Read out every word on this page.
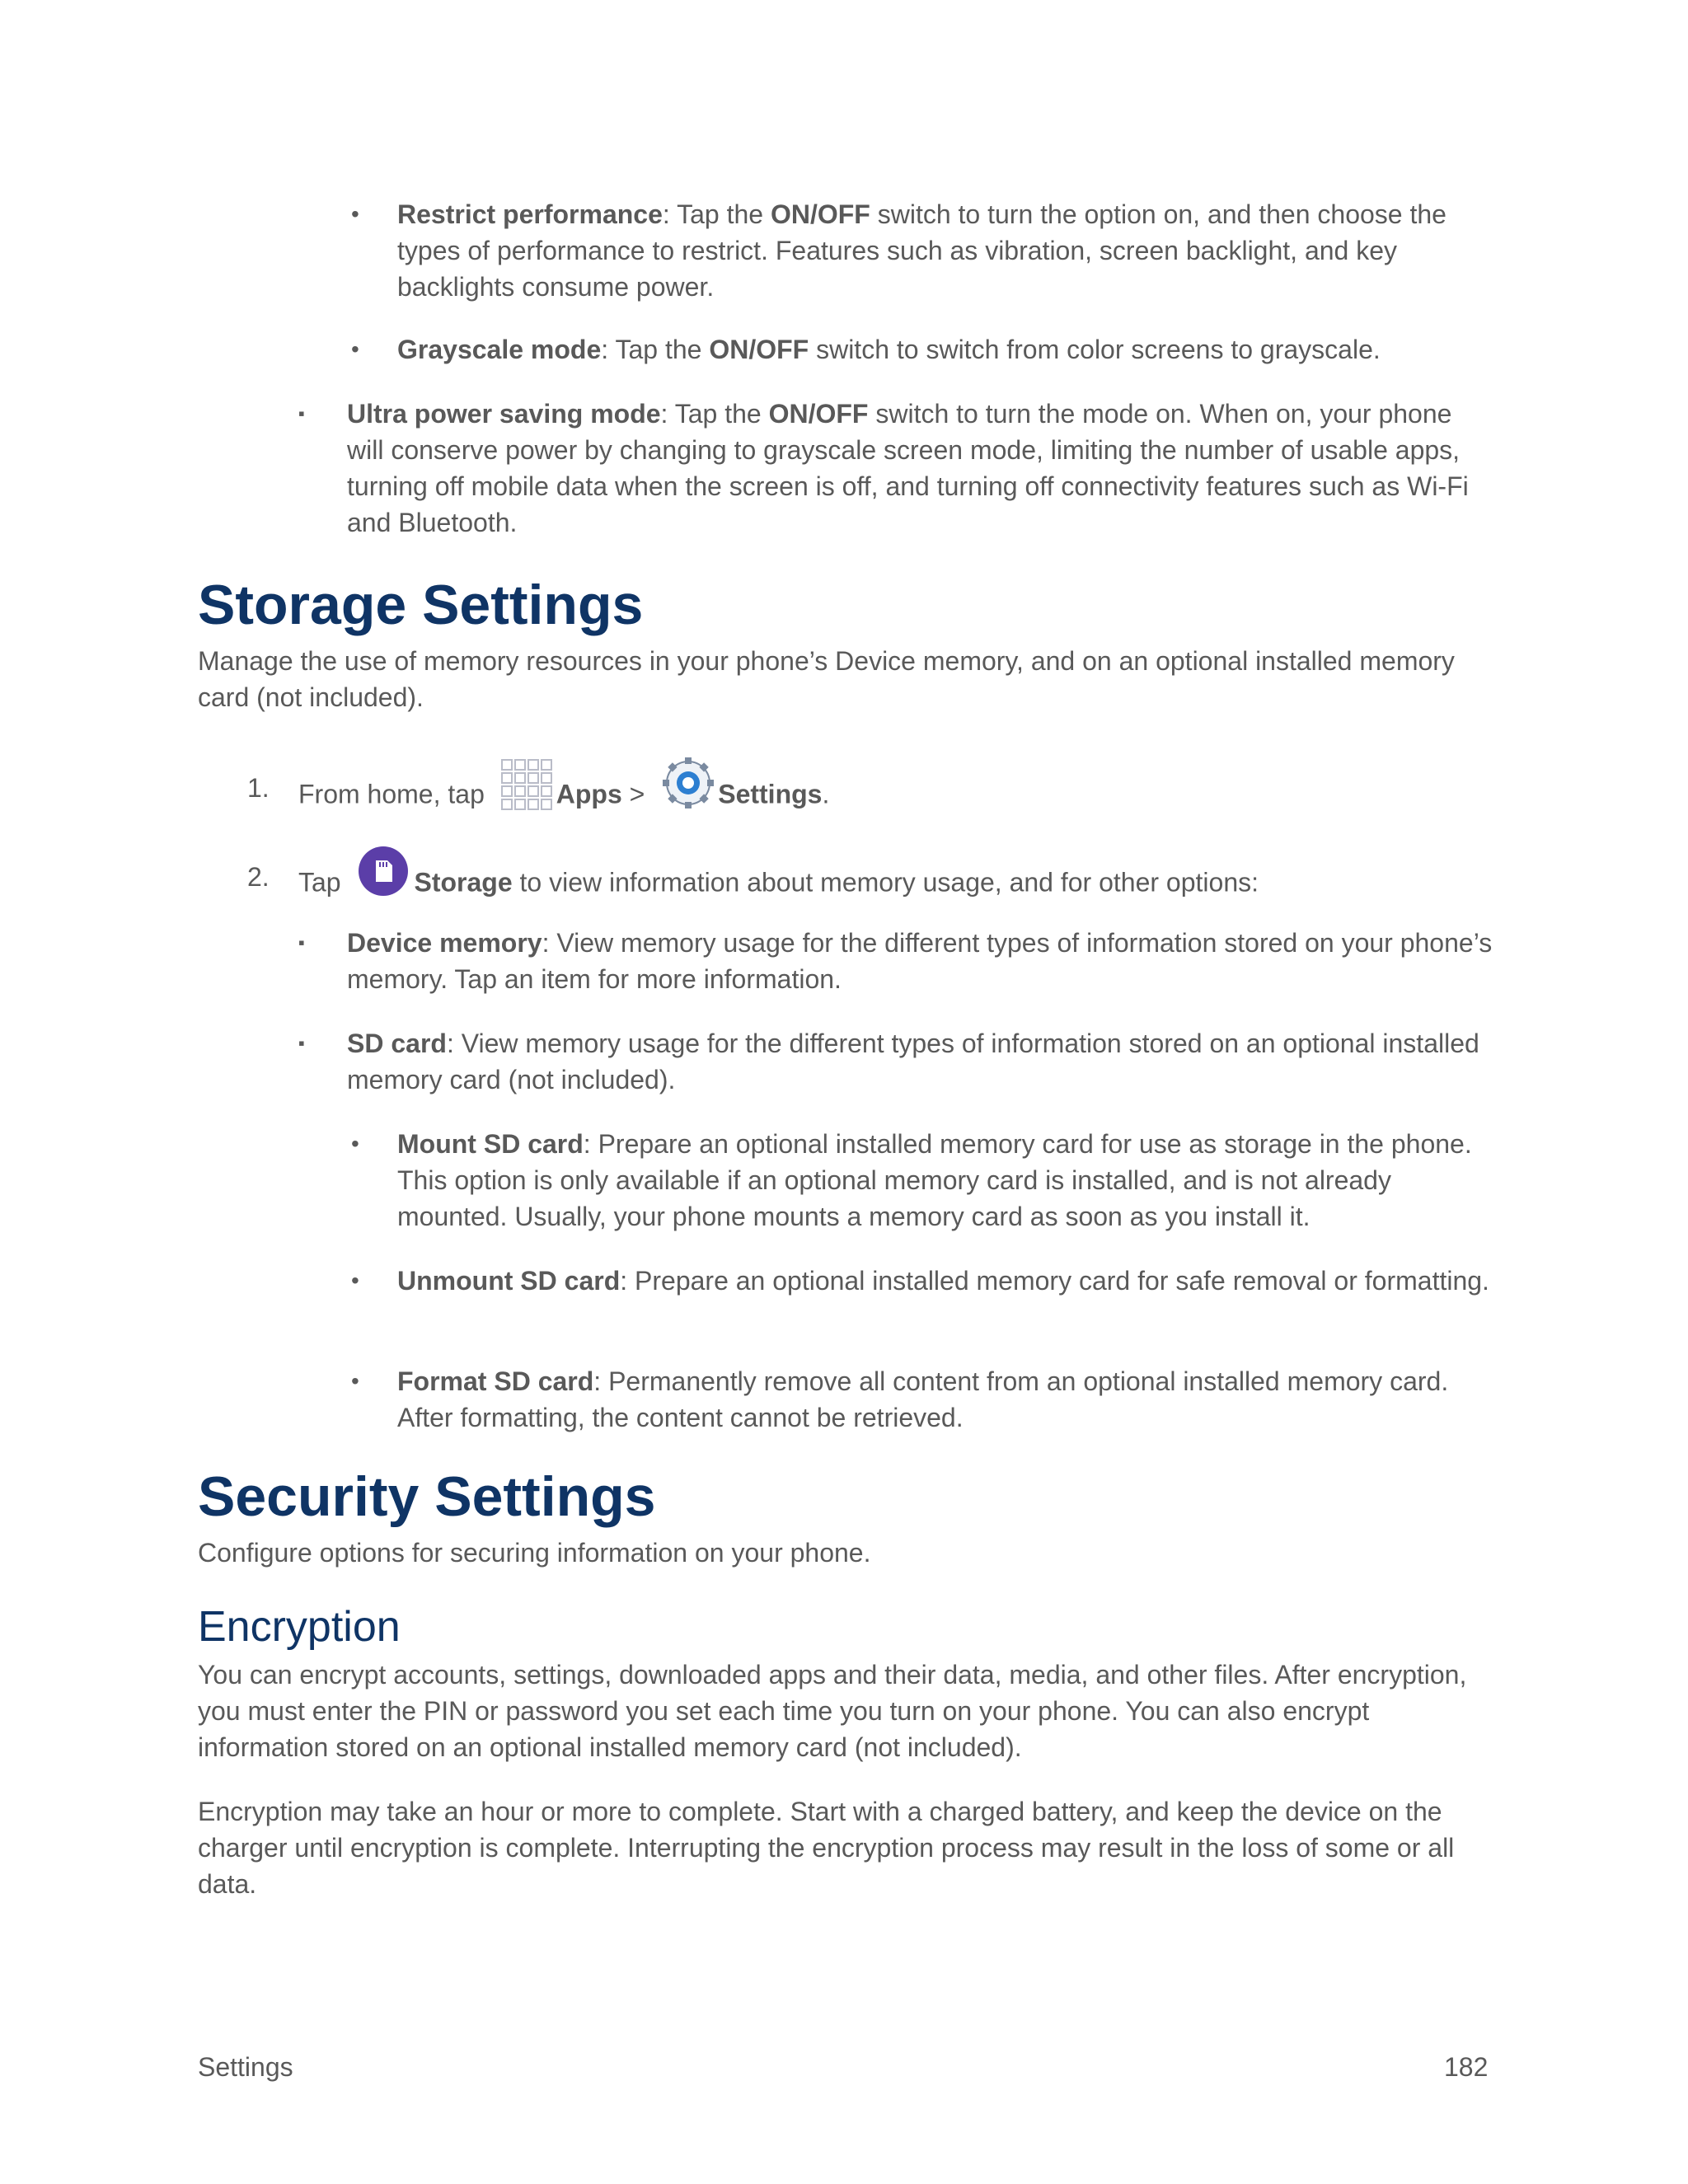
• Restrict performance: Tap the ON/OFF switch to turn the option on, and then choose the types of performance to restrict. Features such as vibration, screen backlight, and key backlights consume power.
• Grayscale mode: Tap the ON/OFF switch to switch from color screens to grayscale.
▪ Ultra power saving mode: Tap the ON/OFF switch to turn the mode on. When on, your phone will conserve power by changing to grayscale screen mode, limiting the number of usable apps, turning off mobile data when the screen is off, and turning off connectivity features such as Wi-Fi and Bluetooth.
Storage Settings

Manage the use of memory resources in your phone’s Device memory, and on an optional installed memory card (not included).

1. From home, tap Apps >	Settings.
2. Tap	Storage to view information about memory usage, and for other options:
▪ Device memory: View memory usage for the different types of information stored on your phone’s memory. Tap an item for more information.
▪ SD card: View memory usage for the different types of information stored on an optional installed memory card (not included).
• Mount SD card: Prepare an optional installed memory card for use as storage in the phone. This option is only available if an optional memory card is installed, and is not already mounted. Usually, your phone mounts a memory card as soon as you install it.
• Unmount SD card: Prepare an optional installed memory card for safe removal or formatting.
• Format SD card: Permanently remove all content from an optional installed memory card. After formatting, the content cannot be retrieved.
Security Settings

Configure options for securing information on your phone.

Encryption

You can encrypt accounts, settings, downloaded apps and their data, media, and other files. After encryption, you must enter the PIN or password you set each time you turn on your phone. You can also encrypt information stored on an optional installed memory card (not included).

Encryption may take an hour or more to complete. Start with a charged battery, and keep the device on the charger until encryption is complete. Interrupting the encryption process may result in the loss of some or all data.

Settings	182
